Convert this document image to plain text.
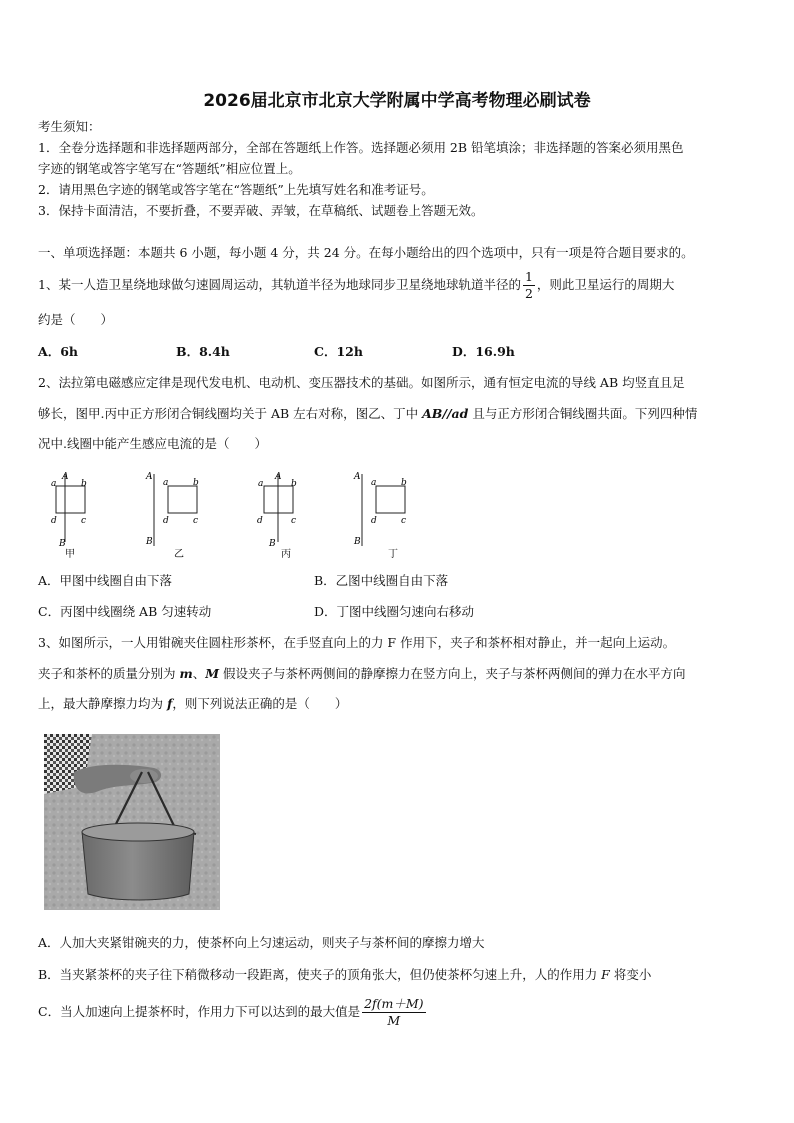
2026届北京市北京大学附属中学高考物理必刷试卷
考生须知：
1．全卷分选择题和非选择题两部分，全部在答题纸上作答。选择题必须用 2B 铅笔填涂；非选择题的答案必须用黑色
字迹的钢笔或答字笔写在“答题纸”相应位置上。
2．请用黑色字迹的钢笔或答字笔在“答题纸”上先填写姓名和准考证号。
3．保持卡面清洁，不要折叠，不要弄破、弄皱，在草稿纸、试题卷上答题无效。
一、单项选择题：本题共 6 小题，每小题 4 分，共 24 分。在每小题给出的四个选项中，只有一项是符合题目要求的。
1、某一人造卫星绕地球做匀速圆周运动，其轨道半径为地球同步卫星绕地球轨道半径的 $\frac{1}{2}$ ，则此卫星运行的周期大
约是（　　）
A．6h	B．8.4h	C．12h	D．16.9h
2、法拉第电磁感应定律是现代发电机、电动机、变压器技术的基础。如图所示，通有恒定电流的导线 AB 均竖直且足
够长，图甲.丙中正方形闭合铜线圈均关于 AB 左右对称，图乙、丁中 AB//ad 且与正方形闭合铜线圈共面。下列四种情
况中.线圈中能产生感应电流的是（　　）
A
a	b
d	c
B
甲
A
a	b
d	c
B
乙
A
a	b
d	c
B
丙
A
a	b
d	c
B
丁
A．甲图中线圈自由下落	B．乙图中线圈自由下落
C．丙图中线圈绕 AB 匀速转动	D．丁图中线圈匀速向右移动
3、如图所示，一人用钳碗夹住圆柱形茶杯，在手竖直向上的力 F 作用下，夹子和茶杯相对静止，并一起向上运动。
夹子和茶杯的质量分别为 m、M 假设夹子与茶杯两侧间的静摩擦力在竖方向上，夹子与茶杯两侧间的弹力在水平方向
上，最大静摩擦力均为 f，则下列说法正确的是（　　）
A．人加大夹紧钳碗夹的力，使茶杯向上匀速运动，则夹子与茶杯间的摩擦力增大
B．当夹紧茶杯的夹子往下稍微移动一段距离，使夹子的顶角张大，但仍使茶杯匀速上升，人的作用力 F 将变小
C．当人加速向上提茶杯时，作用力下可以达到的最大值是 $\frac{2f(m+M)}{M}$
